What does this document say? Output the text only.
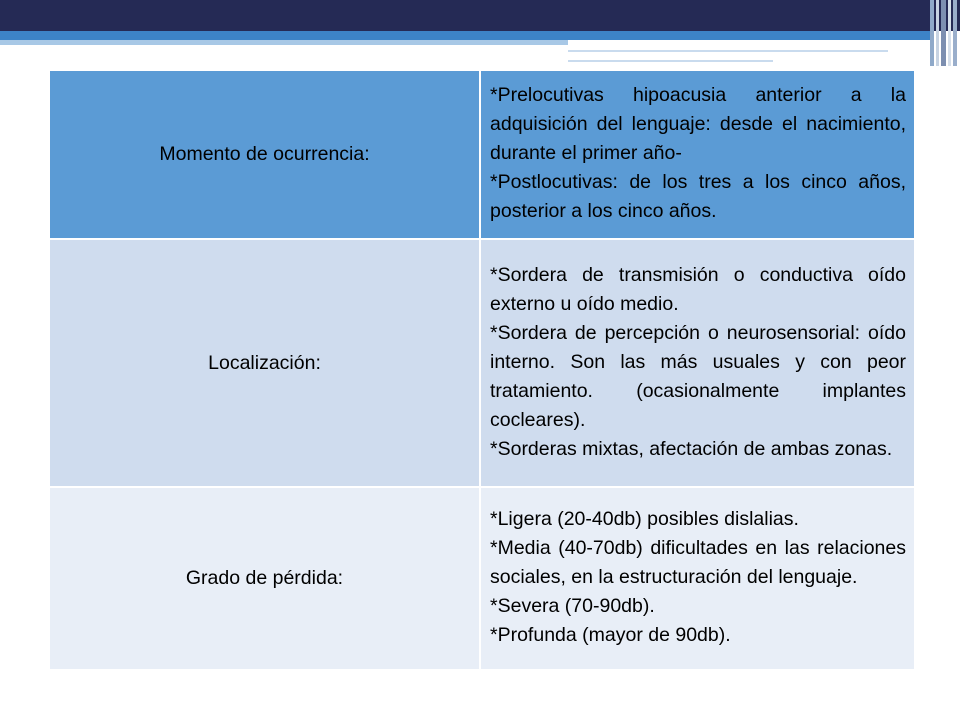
Momento de ocurrencia:	*Prelocutivas hipoacusia anterior a la adquisición del lenguaje: desde el nacimiento, durante el primer año-

*Postlocutivas: de los tres a los cinco años, posterior a los cinco años.

Localización:	*Sordera de transmisión o conductiva oído externo u oído medio.

*Sordera de percepción o neurosensorial: oído interno. Son las más usuales y con peor tratamiento. (ocasionalmente implantes cocleares).

*Sorderas mixtas, afectación de ambas zonas.

Grado de pérdida:	*Ligera (20-40db) posibles dislalias.

*Media (40-70db) dificultades en las relaciones sociales, en la estructuración del lenguaje.

*Severa (70-90db).

*Profunda (mayor de 90db).
